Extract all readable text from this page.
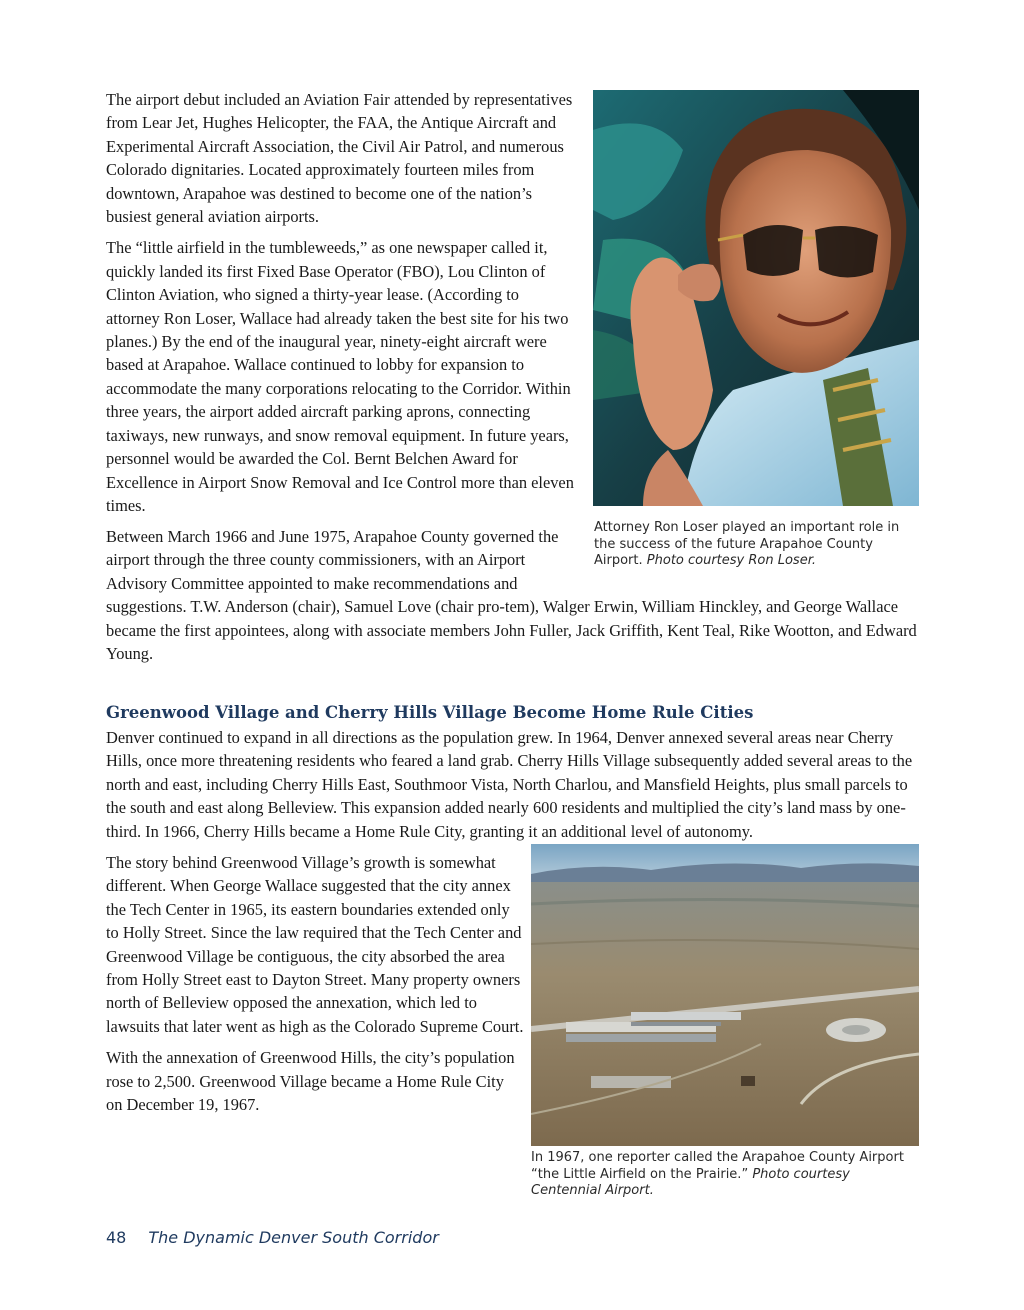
The airport debut included an Aviation Fair attended by representatives from Lear Jet, Hughes Helicopter, the FAA, the Antique Aircraft and Experimental Aircraft Association, the Civil Air Patrol, and numerous Colorado dignitaries. Located approximately fourteen miles from downtown, Arapahoe was destined to become one of the nation’s busiest general aviation airports.

The “little airfield in the tumbleweeds,” as one newspaper called it, quickly landed its first Fixed Base Operator (FBO), Lou Clinton of Clinton Aviation, who signed a thirty-year lease. (According to attorney Ron Loser, Wallace had already taken the best site for his two planes.) By the end of the inaugural year, ninety-eight aircraft were based at Arapahoe. Wallace continued to lobby for expansion to accommodate the many corporations relocating to the Corridor. Within three years, the airport added aircraft parking aprons, connecting taxiways, new runways, and snow removal equipment. In future years, personnel would be awarded the Col. Bernt Belchen Award for Excellence in Airport Snow Removal and Ice Control more than eleven times.

Between March 1966 and June 1975, Arapahoe County governed the airport through the three county commissioners, with an Airport Advisory Committee appointed to make recommendations and suggestions. T.W. Anderson (chair), Samuel Love (chair pro-tem), Walger Erwin, William Hinckley, and George Wallace became the first appointees, along with associate members John Fuller, Jack Griffith, Kent Teal, Rike Wootton, and Edward Young.

Attorney Ron Loser played an important role in the success of the future Arapahoe County Airport. Photo courtesy Ron Loser.

Greenwood Village and Cherry Hills Village Become Home Rule Cities

Denver continued to expand in all directions as the population grew. In 1964, Denver annexed several areas near Cherry Hills, once more threatening residents who feared a land grab. Cherry Hills Village subsequently added several areas to the north and east, including Cherry Hills East, Southmoor Vista, North Charlou, and Mansfield Heights, plus small parcels to the south and east along Belleview. This expansion added nearly 600 residents and multiplied the city’s land mass by one-third. In 1966, Cherry Hills became a Home Rule City, granting it an additional level of autonomy.

The story behind Greenwood Village’s growth is somewhat different. When George Wallace suggested that the city annex the Tech Center in 1965, its eastern boundaries extended only to Holly Street. Since the law required that the Tech Center and Greenwood Village be contiguous, the city absorbed the area from Holly Street east to Dayton Street. Many property owners north of Belleview opposed the annexation, which led to lawsuits that later went as high as the Colorado Supreme Court.

With the annexation of Greenwood Hills, the city’s population rose to 2,500. Greenwood Village became a Home Rule City on December 19, 1967.

In 1967, one reporter called the Arapahoe County Airport “the Little Airfield on the Prairie.” Photo courtesy Centennial Airport.

48 The Dynamic Denver South Corridor
